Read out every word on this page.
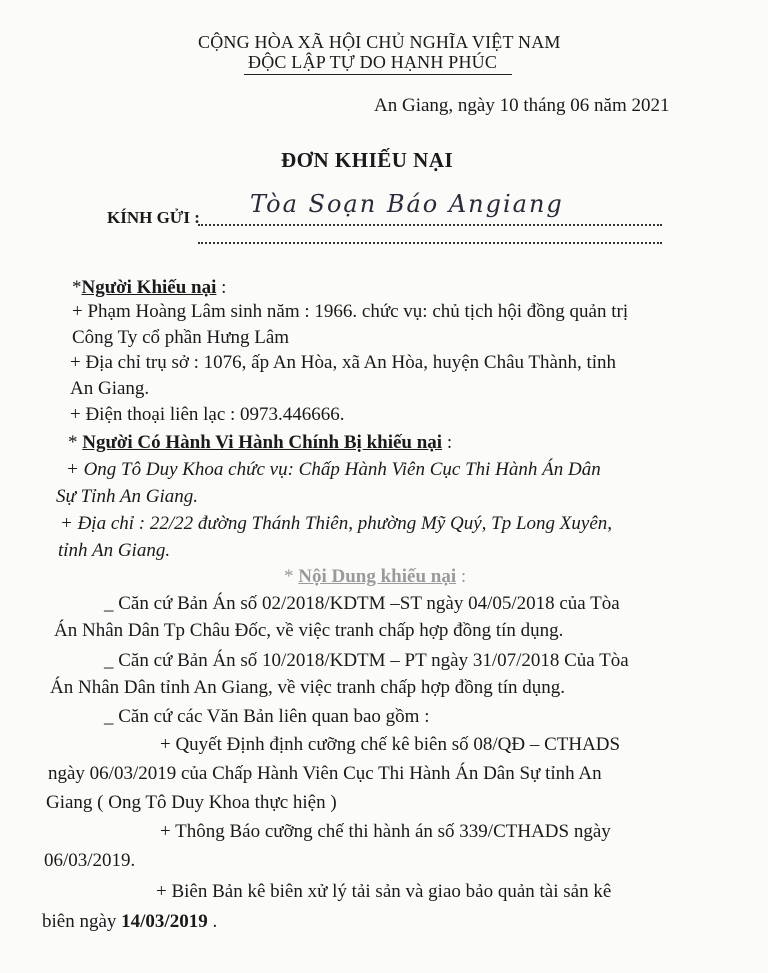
CỘNG HÒA XÃ HỘI CHỦ NGHĨA VIỆT NAM
ĐỘC LẬP TỰ DO HẠNH PHÚC
An Giang, ngày 10 tháng 06 năm 2021
ĐƠN KHIẾU NẠI
KÍNH GỬI : Tòa Soạn Báo Angiang
*Người Khiếu nại :
+ Phạm Hoàng Lâm sinh năm : 1966. chức vụ: chủ tịch hội đồng quản trị
Công Ty cổ phần Hưng Lâm
+ Địa chỉ trụ sở : 1076, ấp An Hòa, xã An Hòa, huyện Châu Thành, tỉnh
An Giang.
+ Điện thoại liên lạc : 0973.446666.
* Người Có Hành Vi Hành Chính Bị khiếu nại :
+ Ong Tô Duy Khoa chức vụ: Chấp Hành Viên Cục Thi Hành Án Dân
Sự Tỉnh An Giang.
+ Địa chỉ : 22/22 đường Thánh Thiên, phường Mỹ Quý, Tp Long Xuyên,
tỉnh An Giang.
* Nội Dung khiếu nại :
_ Căn cứ Bản Án số 02/2018/KDTM –ST ngày 04/05/2018 của Tòa
Án Nhân Dân Tp Châu Đốc, về việc tranh chấp hợp đồng tín dụng.
_ Căn cứ Bản Án số 10/2018/KDTM – PT ngày 31/07/2018 Của Tòa
Án Nhân Dân tỉnh An Giang, về việc tranh chấp hợp đồng tín dụng.
_ Căn cứ các Văn Bản liên quan bao gồm :
+ Quyết Định định cưỡng chế kê biên số 08/QĐ – CTHADS
ngày 06/03/2019 của Chấp Hành Viên Cục Thi Hành Án Dân Sự tỉnh An
Giang ( Ong Tô Duy Khoa thực hiện )
+ Thông Báo cưỡng chế thi hành án số 339/CTHADS ngày
06/03/2019.
+ Biên Bản kê biên xử lý tải sản và giao bảo quản tài sản kê
biên ngày 14/03/2019 .
